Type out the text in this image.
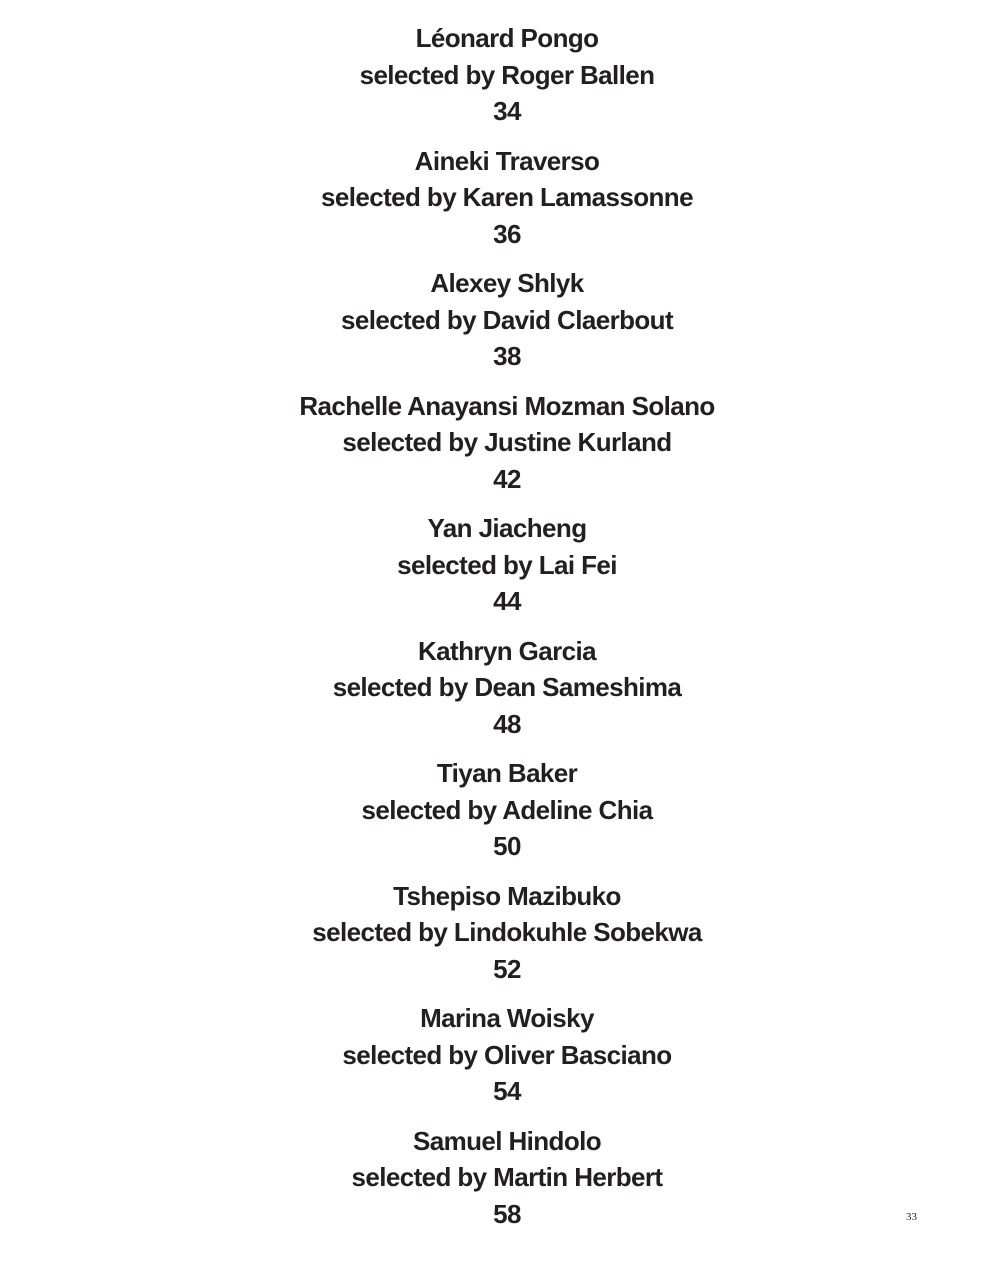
Léonard Pongo
selected by Roger Ballen
34
Aineki Traverso
selected by Karen Lamassonne
36
Alexey Shlyk
selected by David Claerbout
38
Rachelle Anayansi Mozman Solano
selected by Justine Kurland
42
Yan Jiacheng
selected by Lai Fei
44
Kathryn Garcia
selected by Dean Sameshima
48
Tiyan Baker
selected by Adeline Chia
50
Tshepiso Mazibuko
selected by Lindokuhle Sobekwa
52
Marina Woisky
selected by Oliver Basciano
54
Samuel Hindolo
selected by Martin Herbert
58	33
